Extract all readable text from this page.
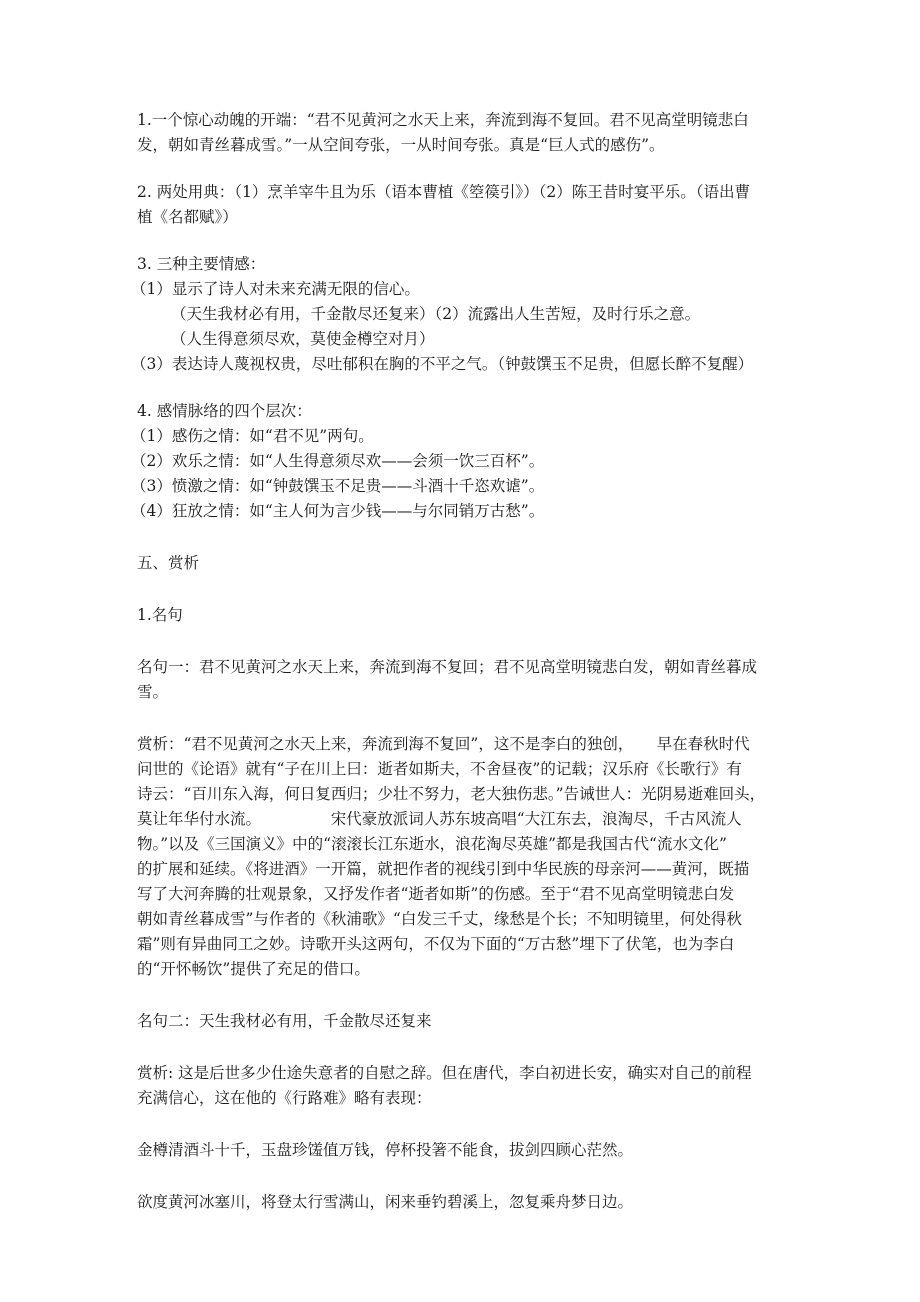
1.一个惊心动魄的开端：“君不见黄河之水天上来，奔流到海不复回。君不见高堂明镜悲白
发，朝如青丝暮成雪。”一从空间夸张，一从时间夸张。真是“巨人式的感伤”。
2. 两处用典：（1）烹羊宰牛且为乐（语本曹植《箜篌引》）（2）陈王昔时宴平乐。（语出曹
植《名都赋》）
3. 三种主要情感：
（1）显示了诗人对未来充满无限的信心。
（天生我材必有用，千金散尽还复来）（2）流露出人生苦短，及时行乐之意。
（人生得意须尽欢，莫使金樽空对月）
（3）表达诗人蔑视权贵，尽吐郁积在胸的不平之气。（钟鼓馔玉不足贵，但愿长醉不复醒）
4. 感情脉络的四个层次：
（1）感伤之情：如“君不见”两句。
（2）欢乐之情：如“人生得意须尽欢——会须一饮三百杯”。
（3）愤激之情：如“钟鼓馔玉不足贵——斗酒十千恣欢谑”。
（4）狂放之情：如“主人何为言少钱——与尔同销万古愁”。
五、赏析
1.名句
名句一：君不见黄河之水天上来，奔流到海不复回；君不见高堂明镜悲白发，朝如青丝暮成
雪。
赏析：“君不见黄河之水天上来，奔流到海不复回”，这不是李白的独创，　　早在春秋时代
问世的《论语》就有“子在川上曰：逝者如斯夫，不舍昼夜”的记载；汉乐府《长歌行》有
诗云：“百川东入海，何日复西归；少壮不努力，老大独伤悲。”告诫世人：光阴易逝难回头，
莫让年华付水流。　　　　　宋代豪放派词人苏东坡高唱“大江东去，浪淘尽，千古风流人
物。”以及《三国演义》中的“滚滚长江东逝水，浪花淘尽英雄”都是我国古代“流水文化”
的扩展和延续。《将进酒》一开篇，就把作者的视线引到中华民族的母亲河——黄河，既描
写了大河奔腾的壮观景象，又抒发作者“逝者如斯”的伤感。至于“君不见高堂明镜悲白发
朝如青丝暮成雪”与作者的《秋浦歌》“白发三千丈，缘愁是个长；不知明镜里，何处得秋
霜”则有异曲同工之妙。诗歌开头这两句，不仅为下面的“万古愁”埋下了伏笔，也为李白
的“开怀畅饮”提供了充足的借口。
名句二：天生我材必有用，千金散尽还复来
赏析: 这是后世多少仕途失意者的自慰之辞。但在唐代，李白初进长安，确实对自己的前程
充满信心，这在他的《行路难》略有表现：
金樽清酒斗十千，玉盘珍馐值万钱，停杯投箸不能食，拔剑四顾心茫然。
欲度黄河冰塞川，将登太行雪满山，闲来垂钓碧溪上，忽复乘舟梦日边。
